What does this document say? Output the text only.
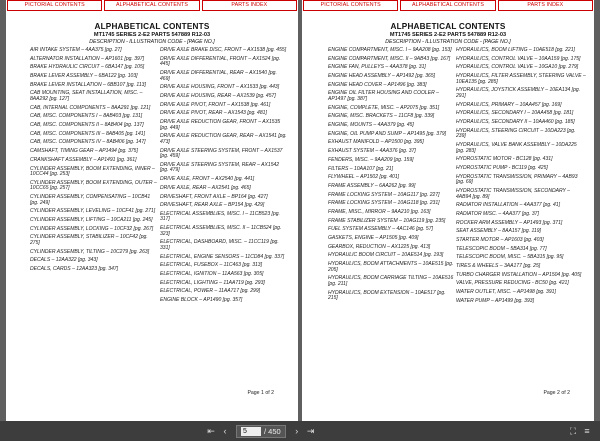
PICTORIAL CONTENTS	ALPHABETICAL CONTENTS	PARTS INDEX
ALPHABETICAL CONTENTS
MT1745 SERIES 2-E2 PARTS 547889 R12-03
DESCRIPTION - ILLUSTRATION CODE - [PAGE NO.]
AIR INTAKE SYSTEM – 4AA375 [pg. 27]
ALTERNATOR INSTALLATION – AP1601 [pg. 397]
BRAKE HYDRAULIC CIRCUIT – 6BA147 [pg. 105]
BRAKE LEVER ASSEMBLY – 6BA122 [pg. 103]
BRAKE LEVER INSTALLATION – 6BB107 [pg. 113]
CAB MOUNTING, SEAT INSTALLATION, MISC. – 8AA292 [pg. 127]
CAB, INTERNAL COMPONENTS – 8AA291 [pg. 121]
CAB, MISC. COMPONENTS I – 8AB403 [pg. 131]
CAB, MISC. COMPONENTS II – 8AB404 [pg. 137]
CAB, MISC. COMPONENTS III – 8AB405 [pg. 141]
CAB, MISC. COMPONENTS IV – 8AB406 [pg. 147]
CAMSHAFT, TIMING GEAR – AP1494 [pg. 375]
CRANKSHAFT ASSEMBLY – AP1491 [pg. 361]
CYLINDER ASSEMBLY, BOOM EXTENDING, INNER – 10CC44 [pg. 253]
CYLINDER ASSEMBLY, BOOM EXTENDING, OUTER – 10CC65 [pg. 257]
CYLINDER ASSEMBLY, COMPENSATING – 10CB41 [pg. 249]
CYLINDER ASSEMBLY, LEVELING – 10CF41 [pg. 271]
CYLINDER ASSEMBLY, LIFTING – 10CA211 [pg. 245]
CYLINDER ASSEMBLY, LOCKING – 10CF32 [pg. 267]
CYLINDER ASSEMBLY, STABILIZER – 10CF42 [pg. 275]
CYLINDER ASSEMBLY, TILTING – 10C279 [pg. 263]
DECALS – 12AA322 [pg. 343]
DECALS, CARDS – 12AA323 [pg. 347]
DRIVE AXLE BRAKE DISC, FRONT – AX1538 [pg. 455]
DRIVE AXLE DIFFERENTIAL, FRONT – AX1524 [pg. 445]
DRIVE AXLE DIFFERENTIAL, REAR – AX1540 [pg. 469]
DRIVE AXLE HOUSING, FRONT – AX1533 [pg. 443]
DRIVE AXLE HOUSING, REAR – AX1539 [pg. 457]
DRIVE AXLE PIVOT, FRONT – AX1538 [pg. 461]
DRIVE AXLE PIVOT, REAR – AX1543 [pg. 481]
DRIVE AXLE REDUCTION GEAR, FRONT – AX1535 [pg. 449]
DRIVE AXLE REDUCTION GEAR, REAR – AX1541 [pg. 473]
DRIVE AXLE STEERING SYSTEM, FRONT – AX1537 [pg. 459]
DRIVE AXLE STEERING SYSTEM, REAR – AX1542 [pg. 479]
DRIVE AXLE, FRONT – AX2540 [pg. 441]
DRIVE AXLE, REAR – AX2541 [pg. 465]
DRIVESHAFT, FRONT AXLE – BP164 [pg. 427]
DRIVESHAFT, REAR AXLE – BP154 [pg. 429]
ELECTRICAL ASSEMBLIES, MISC. I – 11CB523 [pg. 317]
ELECTRICAL ASSEMBLIES, MISC. II – 11CB524 [pg. 323]
ELECTRICAL, DASHBOARD, MISC. – 11CC119 [pg. 331]
ELECTRICAL, ENGINE SENSORS – 11CD84 [pg. 337]
ELECTRICAL, FUSEBOX – 11C463 [pg. 313]
ELECTRICAL, IGNITION – 11AA563 [pg. 305]
ELECTRICAL, LIGHTING – 11AA719 [pg. 293]
ELECTRICAL, POWER – 11AA717 [pg. 299]
ENGINE BLOCK – AP1490 [pg. 357]
Page 1 of 2
PICTORIAL CONTENTS	ALPHABETICAL CONTENTS	PARTS INDEX
ALPHABETICAL CONTENTS
MT1745 SERIES 2-E2 PARTS 547889 R12-03
DESCRIPTION - ILLUSTRATION CODE - [PAGE NO.]
ENGINE COMPARTMENT, MISC. I – 9AA208 [pg. 153]
ENGINE COMPARTMENT, MISC. II – 9AB43 [pg. 167]
ENGINE FAN, PULLEYS – 4AA378 [pg. 31]
ENGINE HEAD ASSEMBLY – AP1492 [pg. 365]
ENGINE HEAD COVER – AP1496 [pg. 383]
ENGINE OIL FILTER HOUSING AND COOLER – AP1497 [pg. 387]
ENGINE, COMPLETE, MISC. – AP2075 [pg. 351]
ENGINE, MISC. BRACKETS – 11CF8 [pg. 339]
ENGINE, MOUNTS – 4AA379 [pg. 45]
ENGINE, OIL PUMP AND SUMP – AP1495 [pg. 379]
EXHAUST MANIFOLD – AP1500 [pg. 395]
EXHAUST SYSTEM – 4AA376 [pg. 37]
FENDERS, MISC. – 9AA209 [pg. 159]
FILTERS – 10AA107 [pg. 21]
FLYWHEEL – AP1502 [pg. 401]
FRAME ASSEMBLY – 6AA262 [pg. 99]
FRAME LOCKING SYSTEM – 10AG117 [pg. 227]
FRAME LOCKING SYSTEM – 10AG118 [pg. 231]
FRAME, MISC., MIRROR – 9AA210 [pg. 163]
FRAME STABILIZER SYSTEM – 10AG119 [pg. 235]
FUEL SYSTEM ASSEMBLY – 4AC146 [pg. 57]
GASKETS, ENGINE – AP1505 [pg. 409]
GEARBOX, REDUCTION – AX1225 [pg. 413]
HYDRAULIC BOOM CIRCUIT – 10AE514 [pg. 193]
HYDRAULICS, BOOM ATTACHMENTS – 10AE515 [pg. 205]
HYDRAULICS, BOOM CARRIAGE TILTING – 10AE516 [pg. 211]
HYDRAULICS, BOOM EXTENSION – 10AE517 [pg. 215]
HYDRAULICS, BOOM LIFTING – 10AE518 [pg. 221]
HYDRAULICS, CONTROL VALVE – 10AA159 [pg. 175]
HYDRAULICS, CONTROL VALVE – 10GA10 [pg. 279]
HYDRAULICS, FILTER ASSEMBLY, STEERING VALVE – 10EA135 [pg. 285]
HYDRAULICS, JOYSTICK ASSEMBLY – 10EA134 [pg. 291]
HYDRAULICS, PRIMARY – 10AA457 [pg. 169]
HYDRAULICS, SECONDARY I – 10AA458 [pg. 181]
HYDRAULICS, SECONDARY II – 10AA460 [pg. 185]
HYDRAULICS, STEERING CIRCUIT – 10DA223 [pg. 239]
HYDRAULICS, VALVE BANK ASSEMBLY – 10DA225 [pg. 283]
HYDROSTATIC MOTOR - BC128 [pg. 431]
HYDROSTATIC PUMP - BC119 [pg. 425]
HYDROSTATIC TRANSMISSION, PRIMARY – 4AB93 [pg. 69]
HYDROSTATIC TRANSMISSION, SECONDARY – 4AB94 [pg. 89]
RADIATOR INSTALLATION – 4AA377 [pg. 41]
RADIATOR MISC. – 4AA377 [pg. 37]
ROCKER ARM ASSEMBLY – AP1493 [pg. 371]
SEAT ASSEMBLY – 8AA157 [pg. 119]
STARTER MOTOR – AP1603 [pg. 403]
TELESCOPIC BOOM – 5BA314 [pg. 77]
TELESCOPIC BOOM, MISC. – 5BA315 [pg. 95]
TIRES & WHEELS – 3AA177 [pg. 25]
TURBO CHARGER INSTALLATION – AP1504 [pg. 405]
VALVE, PRESSURE REDUCING - BC50 [pg. 421]
WATER OUTLET, MISC. – AP1498 [pg. 391]
WATER PUMP – AP1499 [pg. 393]
Page 2 of 2
⇤ ‹
5	/ 450	› ⇥	⛶ ≡
